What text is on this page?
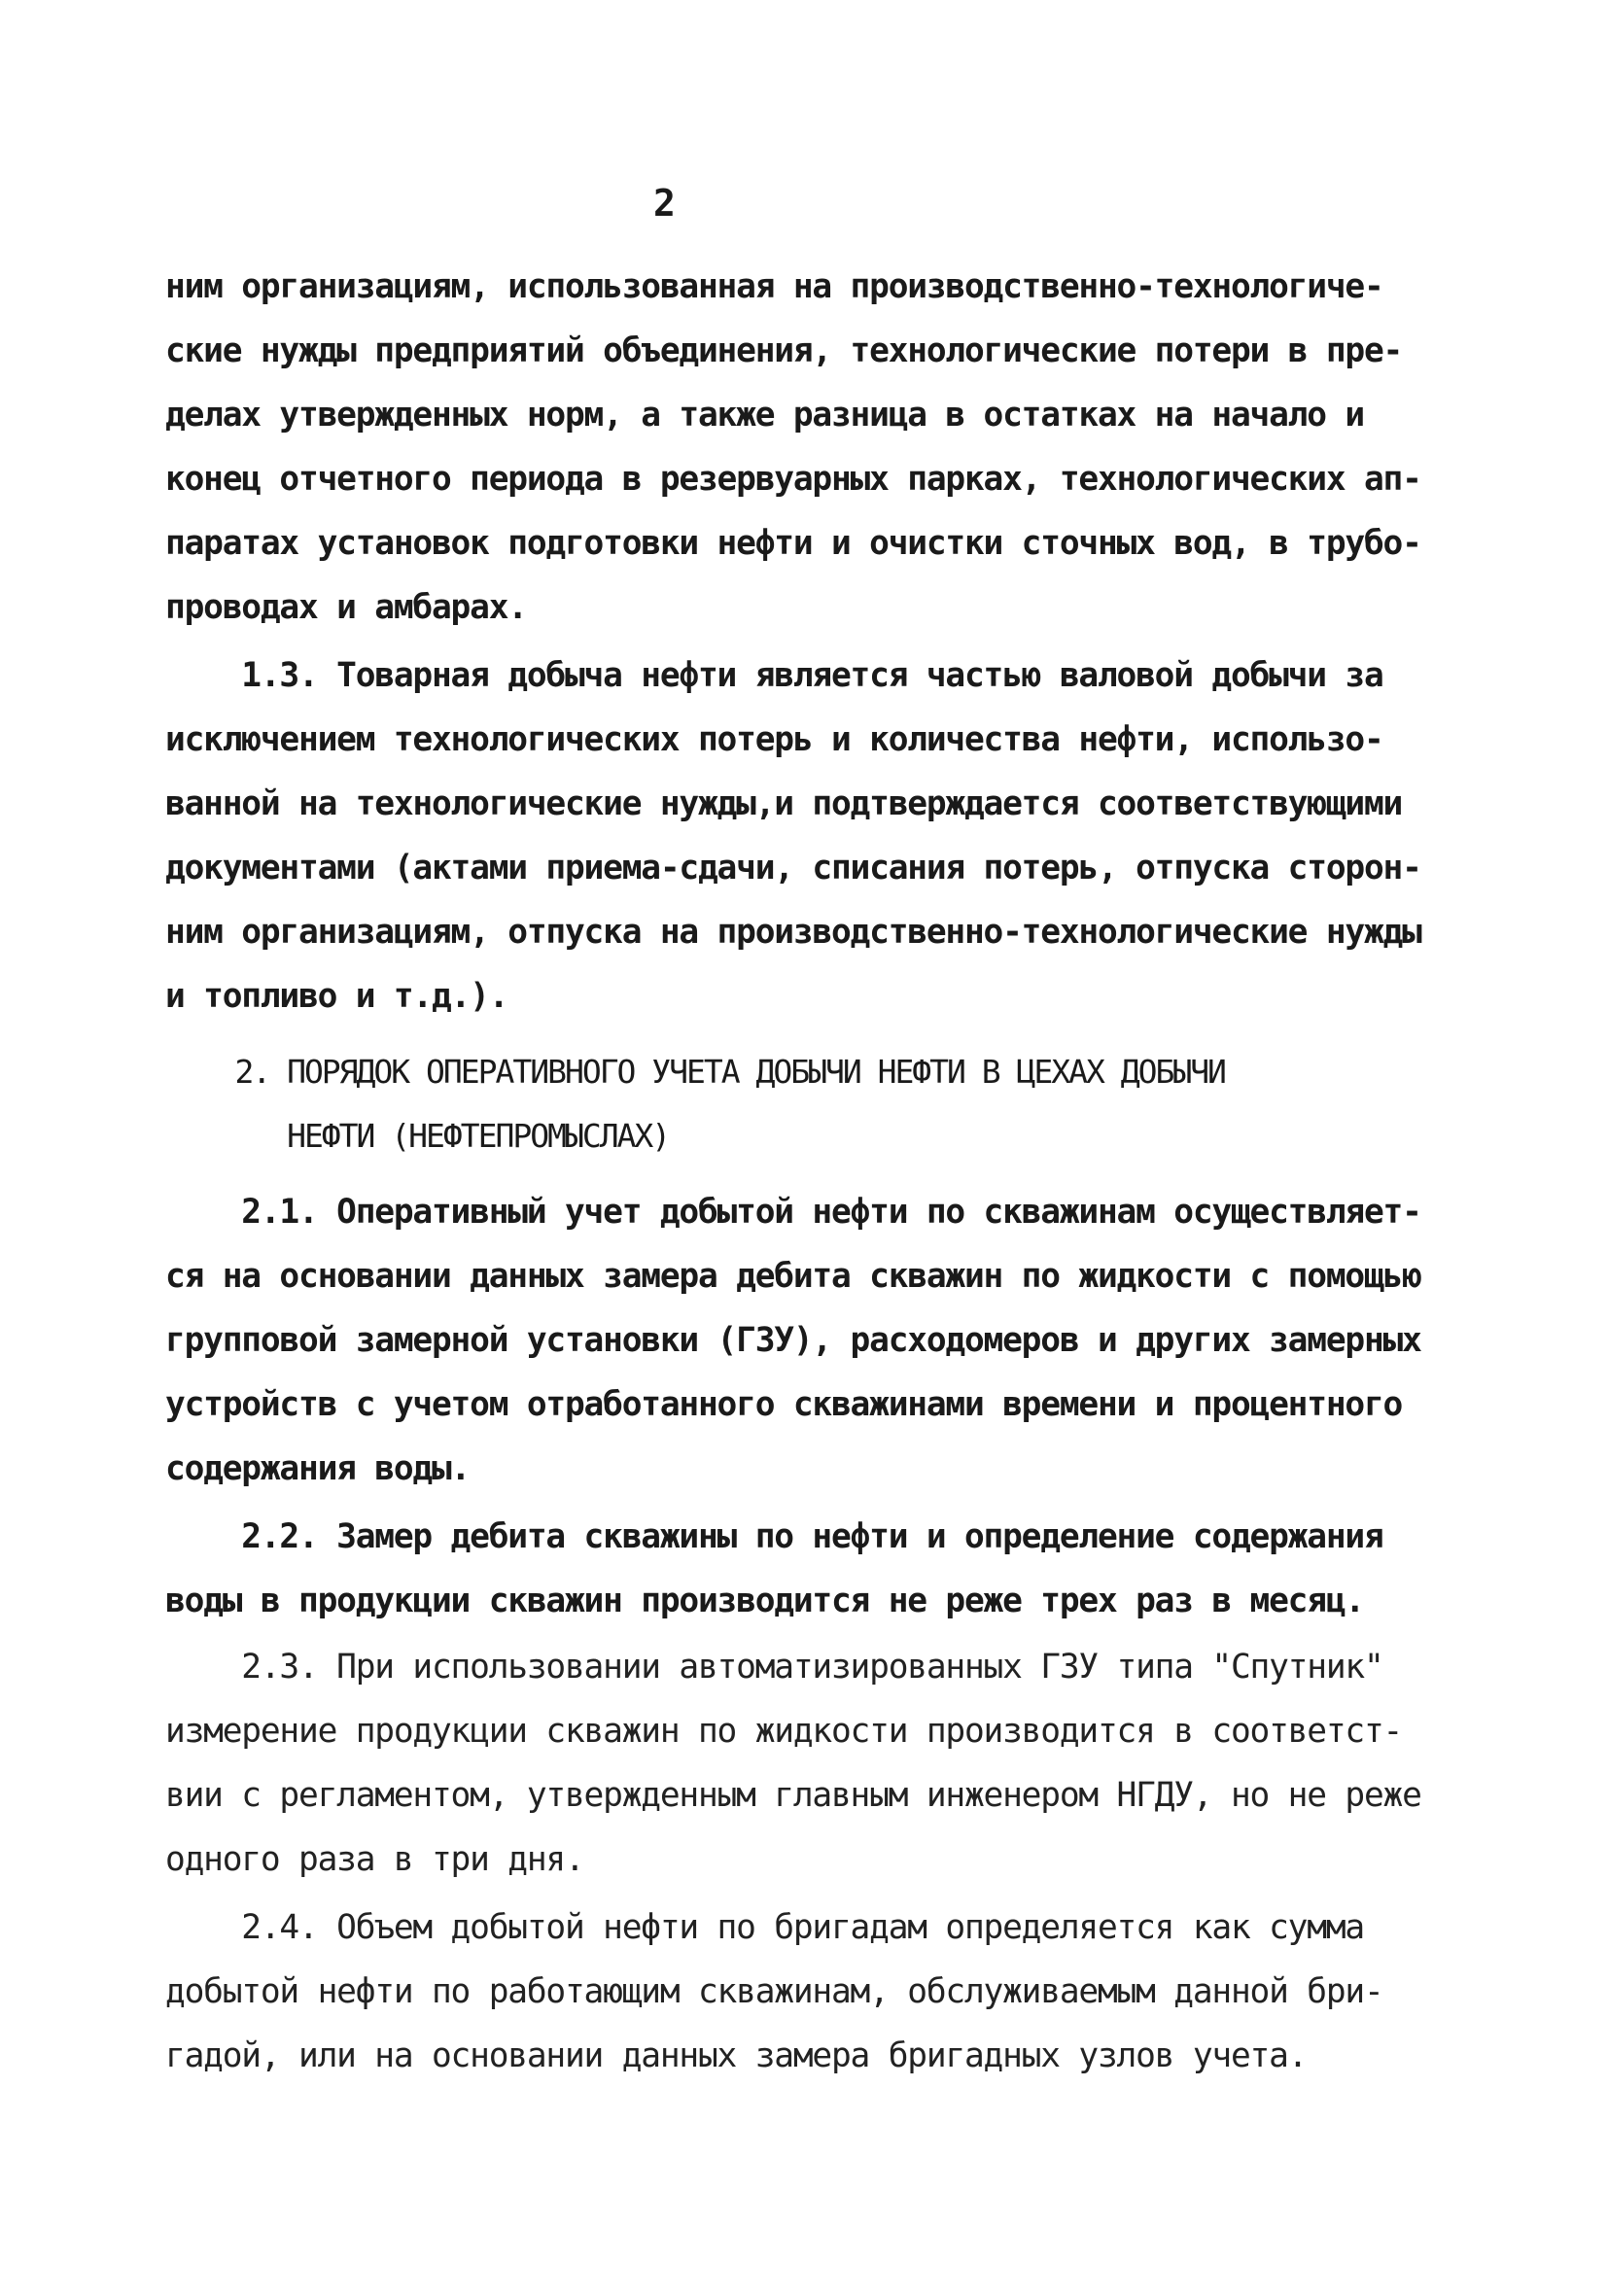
2
ним организациям, использованная на производственно-технологиче-
ские нужды предприятий объединения, технологические потери в пре-
делах утвержденных норм, а также разница в остатках на начало и
конец отчетного периода в резервуарных парках, технологических ап-
паратах установок подготовки нефти и очистки сточных вод, в трубо-
проводах и амбарах.
1.3. Товарная добыча нефти является частью валовой добычи за
исключением технологических потерь и количества нефти, использо-
ванной на технологические нужды,и подтверждается соответствующими
документами (актами приема-сдачи, списания потерь, отпуска сторон-
ним организациям, отпуска на производственно-технологические нужды
и топливо и т.д.).
2. ПОРЯДОК ОПЕРАТИВНОГО УЧЕТА ДОБЫЧИ НЕФТИ В ЦЕХАХ ДОБЫЧИ
НЕФТИ (НЕФТЕПРОМЫСЛАХ)
2.1. Оперативный учет добытой нефти по скважинам осуществляет-
ся на основании данных замера дебита скважин по жидкости с помощью
групповой замерной установки (ГЗУ), расходомеров и других замерных
устройств с учетом отработанного скважинами времени и процентного
содержания воды.
2.2. Замер дебита скважины по нефти и определение содержания
воды в продукции скважин производится не реже трех раз в месяц.
2.3. При использовании автоматизированных ГЗУ типа "Спутник"
измерение продукции скважин по жидкости производится в соответст-
вии с регламентом, утвержденным главным инженером НГДУ, но не реже
одного раза в три дня.
2.4. Объем добытой нефти по бригадам определяется как сумма
добытой нефти по работающим скважинам, обслуживаемым данной бри-
гадой, или на основании данных замера бригадных узлов учета.
